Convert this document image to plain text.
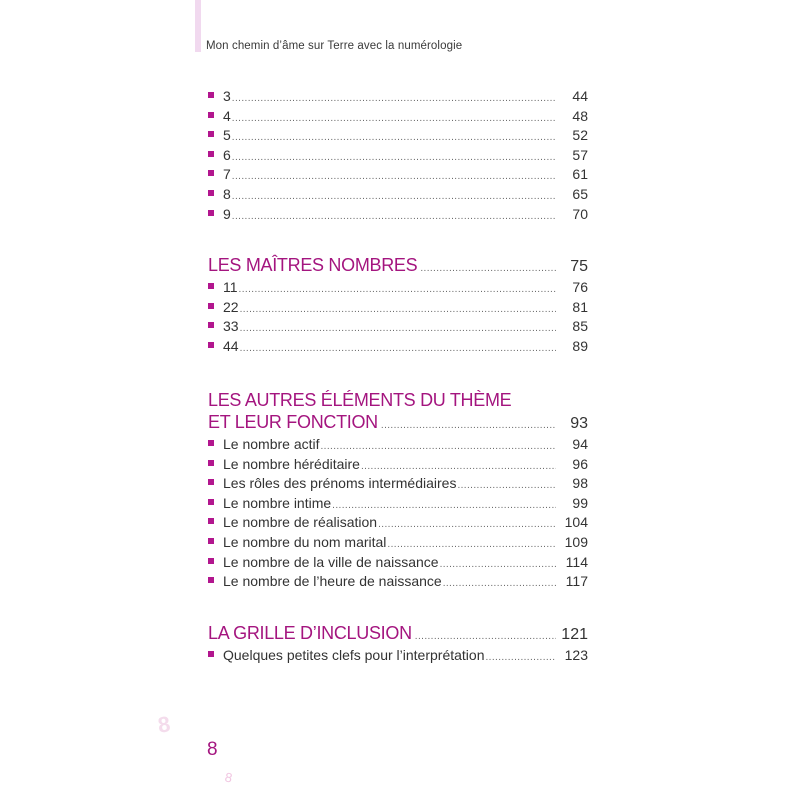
Mon chemin d’âme sur Terre avec la numérologie
3 .....	44
4 .....	48
5 .....	52
6 .....	57
7 .....	61
8 .....	65
9 .....	70
LES MAÎTRES NOMBRES .....	75
11 .....	76
22 .....	81
33 .....	85
44 .....	89
LES AUTRES ÉLÉMENTS DU THÈME
ET LEUR FONCTION .....	93
Le nombre actif .....	94
Le nombre héréditaire .....	96
Les rôles des prénoms intermédiaires .....	98
Le nombre intime .....	99
Le nombre de réalisation .....	104
Le nombre du nom marital .....	109
Le nombre de la ville de naissance .....	114
Le nombre de l’heure de naissance .....	117
LA GRILLE D’INCLUSION .....	121
Quelques petites clefs pour l’interprétation .....	123
8
8
8
